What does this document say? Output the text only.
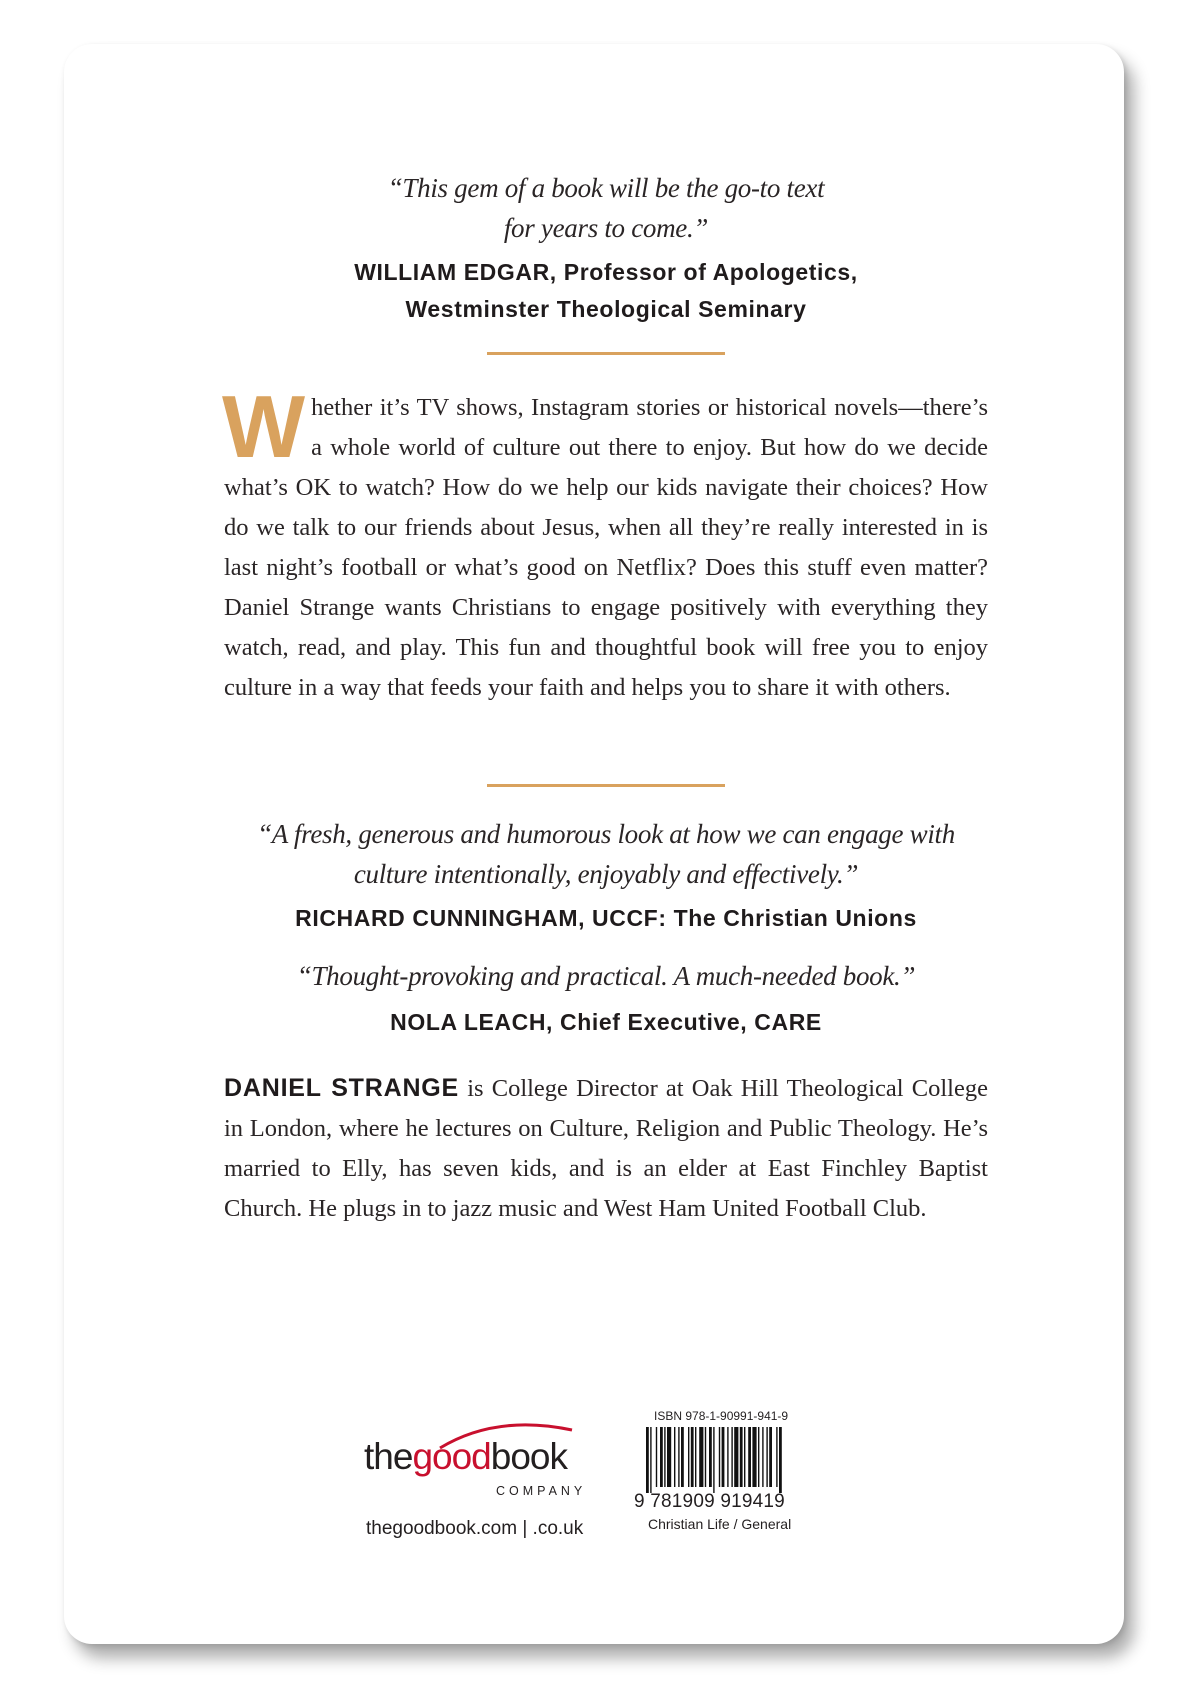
“This gem of a book will be the go-to text

for years to come.”

WILLIAM EDGAR, Professor of Apologetics,

Westminster Theological Seminary

Whether it’s TV shows, Instagram stories or historical novels—there’s a whole world of culture out there to enjoy. But how do we decide what’s OK to watch? How do we help our kids navigate their choices? How do we talk to our friends about Jesus, when all they’re really interested in is last night’s football or what’s good on Netflix? Does this stuff even matter? Daniel Strange wants Christians to engage positively with everything they watch, read, and play. This fun and thoughtful book will free you to enjoy culture in a way that feeds your faith and helps you to share it with others.

“A fresh, generous and humorous look at how we can engage with

culture intentionally, enjoyably and effectively.”

RICHARD CUNNINGHAM, UCCF: The Christian Unions

“Thought-provoking and practical. A much-needed book.”

NOLA LEACH, Chief Executive, CARE

DANIEL STRANGE is College Director at Oak Hill Theological College in London, where he lectures on Culture, Religion and Public Theology. He’s married to Elly, has seven kids, and is an elder at East Finchley Baptist Church. He plugs in to jazz music and West Ham United Football Club.

thegoodbook
COMPANY
thegoodbook.com | .co.uk
ISBN 978-1-90991-941-9
9 781909 919419
Christian Life / General
